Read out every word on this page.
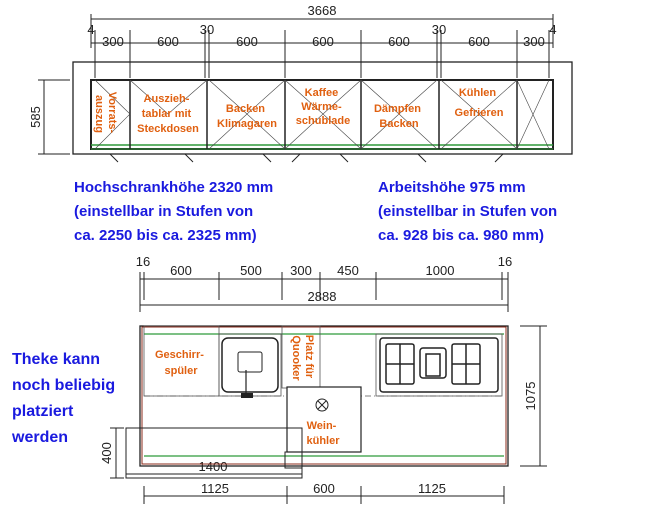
3668
4	4
30	30
300	600	600	600	600	600	300
585	Vorrats- auszug	Auszieh- tablar mit Steckdosen
Backen Klimagaren
Kaffee Wärme- schublade
Dämpfen Backen
Kühlen Gefrieren
Hochschrankhöhe 2320 mm (einstellbar in Stufen von ca. 2250 bis ca. 2325 mm)
Arbeitshöhe 975 mm (einstellbar in Stufen von ca. 928 bis ca. 980 mm)
Theke kann noch beliebig platziert werden
16	16
600	500 300 450	1000
2888
1075
400
1400
1125	600	1125
Geschirr- spüler	Platz für Quooker
Wein- kühler
